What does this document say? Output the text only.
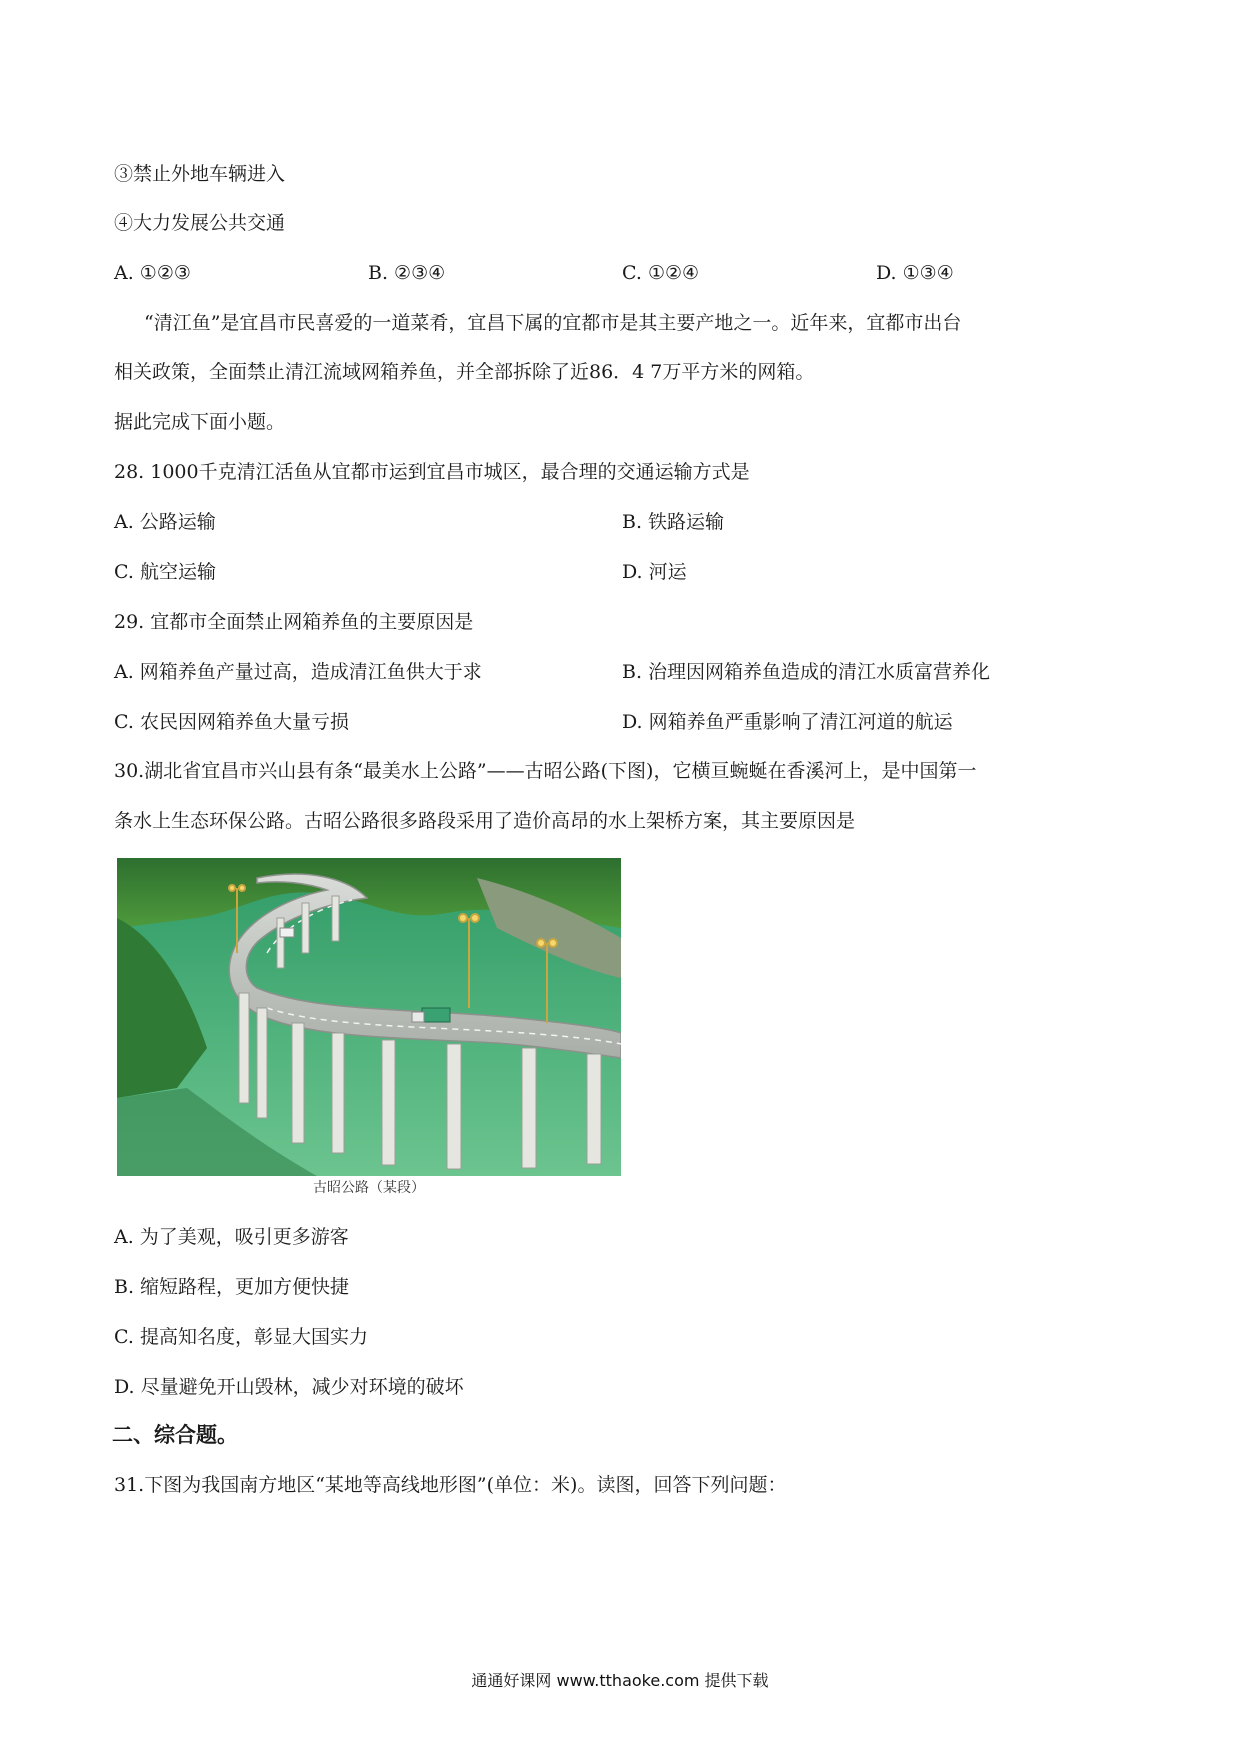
③禁止外地车辆进入
④大力发展公共交通
A. ①②③	B. ②③④	C. ①②④	D. ①③④
“清江鱼”是宜昌市民喜爱的一道菜肴，宜昌下属的宜都市是其主要产地之一。近年来，宜都市出台
相关政策，全面禁止清江流域网箱养鱼，并全部拆除了近86．4 7万平方米的网箱。
据此完成下面小题。
28. 1000千克清江活鱼从宜都市运到宜昌市城区，最合理的交通运输方式是
A. 公路运输	B. 铁路运输
C. 航空运输	D. 河运
29. 宜都市全面禁止网箱养鱼的主要原因是
A. 网箱养鱼产量过高，造成清江鱼供大于求	B. 治理因网箱养鱼造成的清江水质富营养化
C. 农民因网箱养鱼大量亏损	D. 网箱养鱼严重影响了清江河道的航运
30.湖北省宜昌市兴山县有条“最美水上公路”——古昭公路(下图)，它横亘蜿蜒在香溪河上，是中国第一
条水上生态环保公路。古昭公路很多路段采用了造价高昂的水上架桥方案，其主要原因是
古昭公路（某段）
A. 为了美观，吸引更多游客
B. 缩短路程，更加方便快捷
C. 提高知名度，彰显大国实力
D. 尽量避免开山毁林，减少对环境的破坏
二、综合题。
31.下图为我国南方地区“某地等高线地形图”(单位：米)。读图，回答下列问题：
通通好课网 www.tthaoke.com 提供下载
